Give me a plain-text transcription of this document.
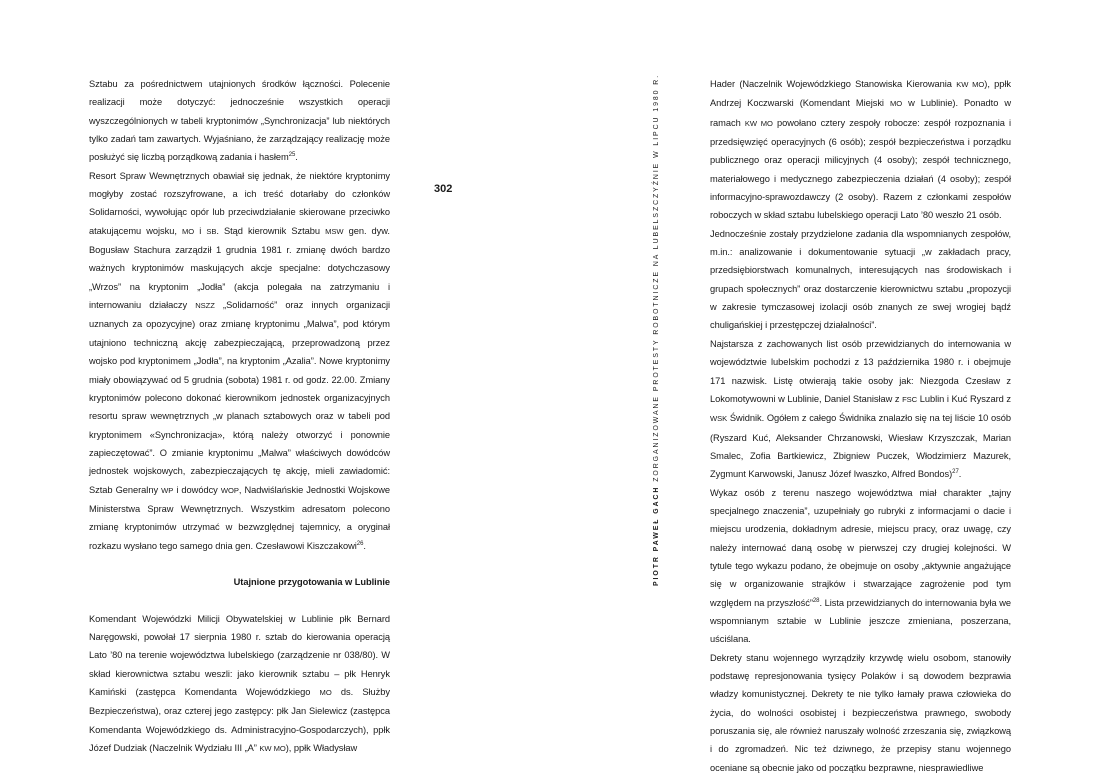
Sztabu za pośrednictwem utajnionych środków łączności. Polecenie realizacji może dotyczyć: jednocześnie wszystkich operacji wyszczególnionych w tabeli kryptonimów „Synchronizacja” lub niektórych tylko zadań tam zawartych. Wyjaśniano, że zarządzający realizację może posłużyć się liczbą porządkową zadania i hasłem$^{25}$.

Resort Spraw Wewnętrznych obawiał się jednak, że niektóre kryptonimy mogłyby zostać rozszyfrowane, a ich treść dotarłaby do członków Solidarności, wywołując opór lub przeciwdziałanie skierowane przeciwko atakującemu wojsku, MO i SB. Stąd kierownik Sztabu MSW gen. dyw. Bogusław Stachura zarządził 1 grudnia 1981 r. zmianę dwóch bardzo ważnych kryptonimów maskujących akcje specjalne: dotychczasowy „Wrzos” na kryptonim „Jodła” (akcja polegała na zatrzymaniu i internowaniu działaczy NSZZ „Solidarność” oraz innych organizacji uznanych za opozycyjne) oraz zmianę kryptonimu „Malwa”, pod którym utajniono techniczną akcję zabezpieczającą, przeprowadzoną przez wojsko pod kryptonimem „Jodła”, na kryptonim „Azalia”. Nowe kryptonimy miały obowiązywać od 5 grudnia (sobota) 1981 r. od godz. 22.00. Zmiany kryptonimów polecono dokonać kierownikom jednostek organizacyjnych resortu spraw wewnętrznych „w planach sztabowych oraz w tabeli pod kryptonimem «Synchronizacja», którą należy otworzyć i ponownie zapieczętować”. O zmianie kryptonimu „Malwa” właściwych dowódców jednostek wojskowych, zabezpieczających tę akcję, mieli zawiadomić: Sztab Generalny WP i dowódcy WOP, Nadwiślańskie Jednostki Wojskowe Ministerstwa Spraw Wewnętrznych. Wszystkim adresatom polecono zmianę kryptonimów utrzymać w bezwzględnej tajemnicy, a oryginał rozkazu wysłano tego samego dnia gen. Czesławowi Kiszczakowi$^{26}$.

Utajnione przygotowania w Lublinie

Komendant Wojewódzki Milicji Obywatelskiej w Lublinie płk Bernard Naręgowski, powołał 17 sierpnia 1980 r. sztab do kierowania operacją Lato ’80 na terenie województwa lubelskiego (zarządzenie nr 038/80). W skład kierownictwa sztabu weszli: jako kierownik sztabu – płk Henryk Kamiński (zastępca Komendanta Wojewódzkiego MO ds. Służby Bezpieczeństwa), oraz czterej jego zastępcy: płk Jan Sielewicz (zastępca Komendanta Wojewódzkiego ds. Administracyjno-Gospodarczych), ppłk Józef Dudziak (Naczelnik Wydziału III „A” KW MO), ppłk Władysław

302
PIOTR PAWEŁ GACH ZORGANIZOWANE PROTESTY ROBOTNICZE NA LUBELSZCZYŹNIE W LIPCU 1980 R.	Hader (Naczelnik Wojewódzkiego Stanowiska Kierowania KW MO), ppłk Andrzej Koczwarski (Komendant Miejski MO w Lublinie). Ponadto w ramach KW MO powołano cztery zespoły robocze: zespół rozpoznania i przedsięwzięć operacyjnych (6 osób); zespół bezpieczeństwa i porządku publicznego oraz operacji milicyjnych (4 osoby); zespół technicznego, materiałowego i medycznego zabezpieczenia działań (4 osoby); zespół informacyjno-sprawozdawczy (2 osoby). Razem z członkami zespołów roboczych w skład sztabu lubelskiego operacji Lato ’80 weszło 21 osób.

Jednocześnie zostały przydzielone zadania dla wspomnianych zespołów, m.in.: analizowanie i dokumentowanie sytuacji „w zakładach pracy, przedsiębiorstwach komunalnych, interesujących nas środowiskach i grupach społecznych” oraz dostarczenie kierownictwu sztabu „propozycji w zakresie tymczasowej izolacji osób znanych ze swej wrogiej bądź chuligańskiej i przestępczej działalności”.

Najstarsza z zachowanych list osób przewidzianych do internowania w województwie lubelskim pochodzi z 13 października 1980 r. i obejmuje 171 nazwisk. Listę otwierają takie osoby jak: Niezgoda Czesław z Lokomotywowni w Lublinie, Daniel Stanisław z FSC Lublin i Kuć Ryszard z WSK Świdnik. Ogółem z całego Świdnika znalazło się na tej liście 10 osób (Ryszard Kuć, Aleksander Chrzanowski, Wiesław Krzyszczak, Marian Smalec, Zofia Bartkiewicz, Zbigniew Puczek, Włodzimierz Mazurek, Zygmunt Karwowski, Janusz Józef Iwaszko, Alfred Bondos)$^{27}$.

Wykaz osób z terenu naszego województwa miał charakter „tajny specjalnego znaczenia”, uzupełniały go rubryki z informacjami o dacie i miejscu urodzenia, dokładnym adresie, miejscu pracy, oraz uwagę, czy należy internować daną osobę w pierwszej czy drugiej kolejności. W tytule tego wykazu podano, że obejmuje on osoby „aktywnie angażujące się w organizowanie strajków i stwarzające zagrożenie pod tym względem na przyszłość”$^{28}$. Lista przewidzianych do internowania była we wspomnianym sztabie w Lublinie jeszcze zmieniana, poszerzana, uściślana.

Dekrety stanu wojennego wyrządziły krzywdę wielu osobom, stanowiły podstawę represjonowania tysięcy Polaków i są dowodem bezprawia władzy komunistycznej. Dekrety te nie tylko łamały prawa człowieka do życia, do wolności osobistej i bezpieczeństwa prawnego, swobody poruszania się, ale również naruszały wolność zrzeszania się, związkową i do zgromadzeń. Nic też dziwnego, że przepisy stanu wojennego oceniane są obecnie jako od początku bezprawne, niesprawiedliwe
